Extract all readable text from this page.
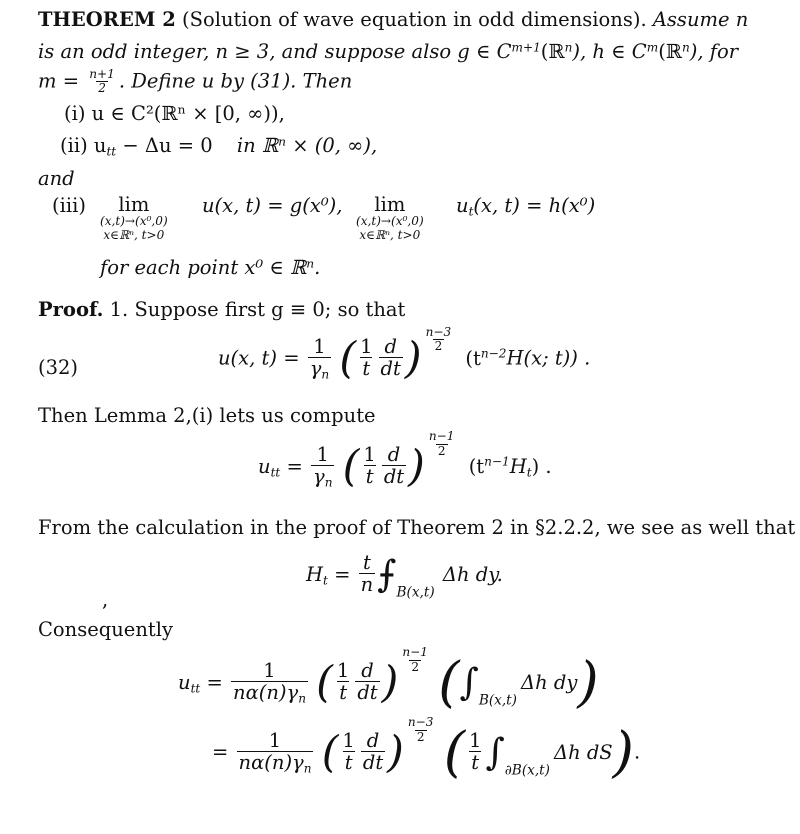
THEOREM 2 (Solution of wave equation in odd dimensions). Assume n
is an odd integer, n ≥ 3, and suppose also g ∈ $C^{m+1}(ℝ^n)$, h ∈ $C^m(ℝ^n)$, for
$m = \frac{n+1}{2}$ . Define u by (31). Then
(i) u ∈ C²(ℝⁿ × [0, ∞)),
(ii) $u_{tt} - \Delta u = 0$ in ℝⁿ × (0, ∞),
and
(iii) lim
(x,t)→(x⁰,0)
x∈ℝⁿ, t>0
u(x, t) = g(x⁰), lim
(x,t)→(x⁰,0)
x∈ℝⁿ, t>0
$u_t(x$, t) = h(x⁰)
for each point x⁰ ∈ ℝⁿ.
Proof. 1. Suppose first g ≡ 0; so that
(32)	u(x, $t) = \frac{1}{\gamma_n}$ ( $\frac{1}{t} \frac{d}{dt}$ ) $\frac{n-3}{2}$
($t^{n-2}H(x$; t)) .
Then Lemma 2,(i) lets us compute
$u_{tt} = \frac{1}{\gamma_n}$ ( $\frac{1}{t} \frac{d}{dt}$ ) $\frac{n-1}{2}$
$(t^{n-1}H_t)$ .
From the calculation in the proof of Theorem 2 in §2.2.2, we see as well that
,
$H_t = \frac{t}{n}$ $⨍_{B(x,t)}$ Δh dy.
Consequently
$u_{tt} = \frac{1}{n\alpha(n)\gamma_n}$ ( $\frac{1}{t} \frac{d}{dt}$ ) $\frac{n-1}{2} (\int_{B(x,t)}\Delta h$ dy)
= $\frac{1}{n\alpha(n)\gamma_n}$ ( $\frac{1}{t} \frac{d}{dt}$ ) $\frac{n-3}{2}$ ( $\frac{1}{t} \int_{\partial B(x,t)}\Delta h$ dS).
